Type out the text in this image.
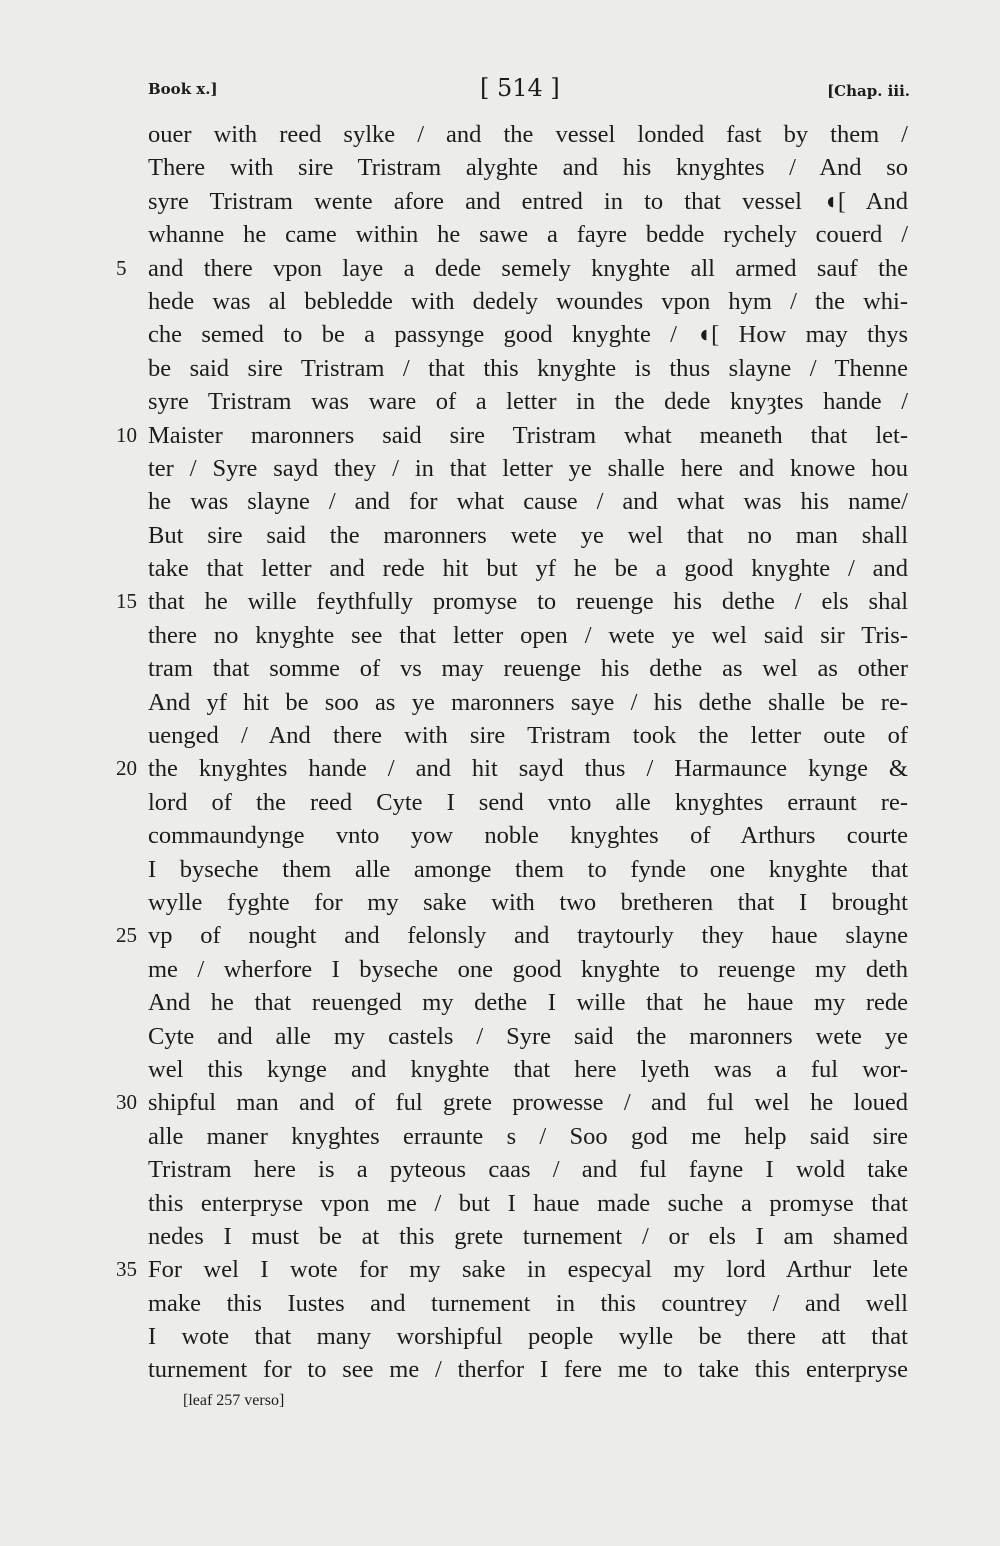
Book x.]	[ 514 ]	[Chap. iii.
ouer with reed sylke / and the vessel londed fast by them /
There with sire Tristram alyghte and his knyghtes / And so
syre Tristram wente afore and entred in to that vessel ◖[ And
whanne he came within he sawe a fayre bedde rychely couerd /
5 and there vpon laye a dede semely knyghte all armed sauf the
hede was al bebledde with dedely woundes vpon hym / the whi-
che semed to be a passynge good knyghte / ◖[ How may thys
be said sire Tristram / that this knyghte is thus slayne / Thenne
syre Tristram was ware of a letter in the dede knyȝtes hande /
10 Maister maronners said sire Tristram what meaneth that let-
ter / Syre sayd they / in that letter ye shalle here and knowe hou
he was slayne / and for what cause / and what was his name/
But sire said the maronners wete ye wel that no man shall
take that letter and rede hit but yf he be a good knyghte / and
15 that he wille feythfully promyse to reuenge his dethe / els shal
there no knyghte see that letter open / wete ye wel said sir Tris-
tram that somme of vs may reuenge his dethe as wel as other
And yf hit be soo as ye maronners saye / his dethe shalle be re-
uenged / And there with sire Tristram took the letter oute of
20 the knyghtes hande / and hit sayd thus / Harmaunce kynge &
lord of the reed Cyte I send vnto alle knyghtes erraunt re-
commaundynge vnto yow noble knyghtes of Arthurs courte
I byseche them alle amonge them to fynde one knyghte that
wylle fyghte for my sake with two bretheren that I brought
25 vp of nought and felonsly and traytourly they haue slayne
me / wherfore I byseche one good knyghte to reuenge my deth
And he that reuenged my dethe I wille that he haue my rede
Cyte and alle my castels / Syre said the maronners wete ye
wel this kynge and knyghte that here lyeth was a ful wor-
30 shipful man and of ful grete prowesse / and ful wel he loued
alle maner knyghtes erraunte s / Soo god me help said sire
Tristram here is a pyteous caas / and ful fayne I wold take
this enterpryse vpon me / but I haue made suche a promyse that
nedes I must be at this grete turnement / or els I am shamed
35 For wel I wote for my sake in especyal my lord Arthur lete
make this Iustes and turnement in this countrey / and well
I wote that many worshipful people wylle be there att that
turnement for to see me / therfor I fere me to take this enterpryse
[leaf 257 verso]
